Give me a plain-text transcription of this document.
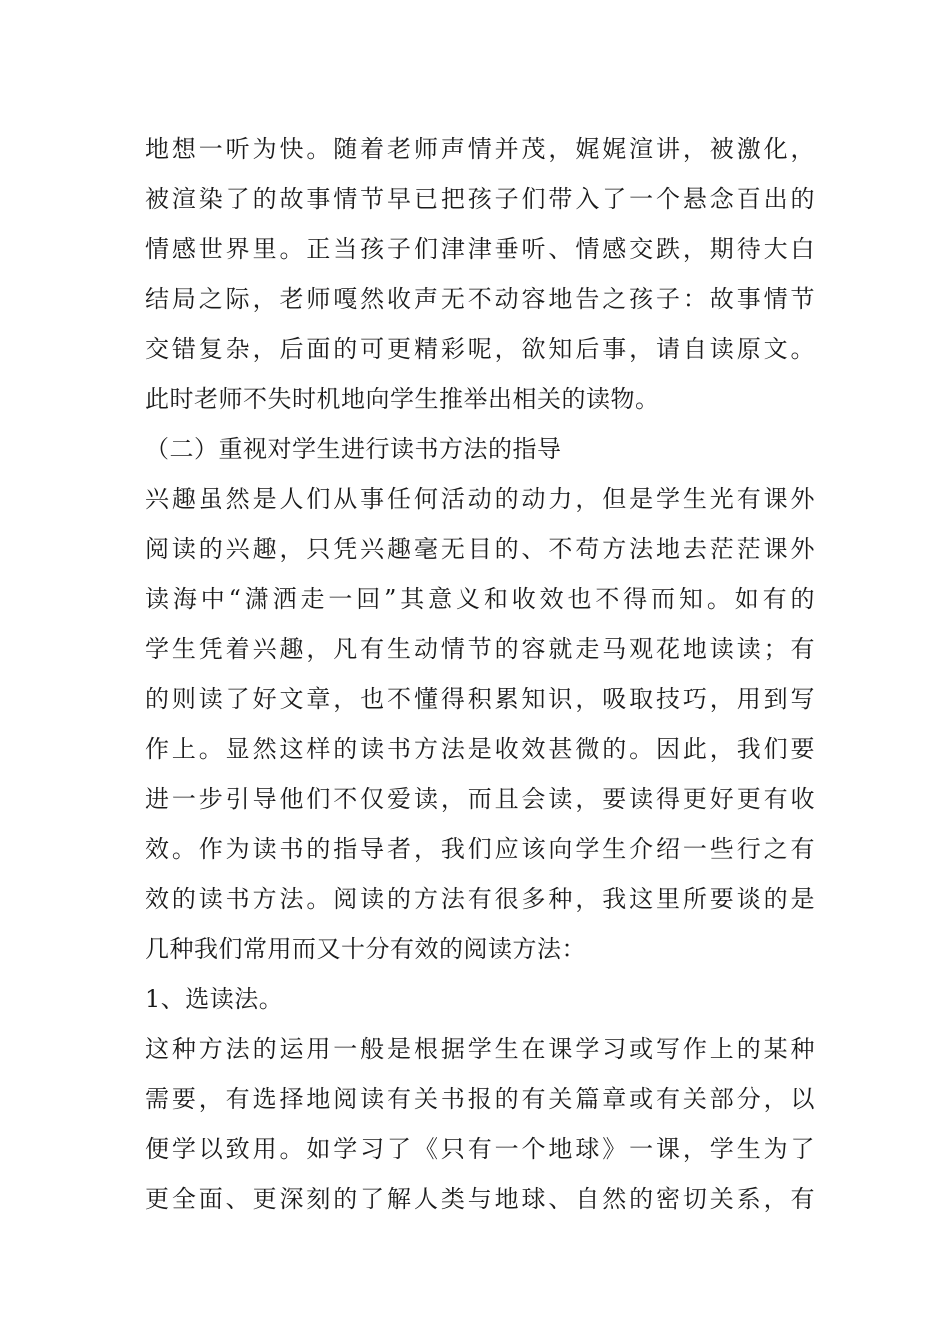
地想一听为快。随着老师声情并茂，娓娓渲讲，被激化，
被渲染了的故事情节早已把孩子们带入了一个悬念百出的
情感世界里。正当孩子们津津垂听、情感交跌，期待大白
结局之际，老师嘎然收声无不动容地告之孩子：故事情节
交错复杂，后面的可更精彩呢，欲知后事，请自读原文。
此时老师不失时机地向学生推举出相关的读物。
（二）重视对学生进行读书方法的指导
兴趣虽然是人们从事任何活动的动力，但是学生光有课外
阅读的兴趣，只凭兴趣毫无目的、不苟方法地去茫茫课外
读海中“潇洒走一回”其意义和收效也不得而知。如有的
学生凭着兴趣，凡有生动情节的容就走马观花地读读；有
的则读了好文章，也不懂得积累知识，吸取技巧，用到写
作上。显然这样的读书方法是收效甚微的。因此，我们要
进一步引导他们不仅爱读，而且会读，要读得更好更有收
效。作为读书的指导者，我们应该向学生介绍一些行之有
效的读书方法。阅读的方法有很多种，我这里所要谈的是
几种我们常用而又十分有效的阅读方法：
1、选读法。
这种方法的运用一般是根据学生在课学习或写作上的某种
需要，有选择地阅读有关书报的有关篇章或有关部分，以
便学以致用。如学习了《只有一个地球》一课，学生为了
更全面、更深刻的了解人类与地球、自然的密切关系，有
